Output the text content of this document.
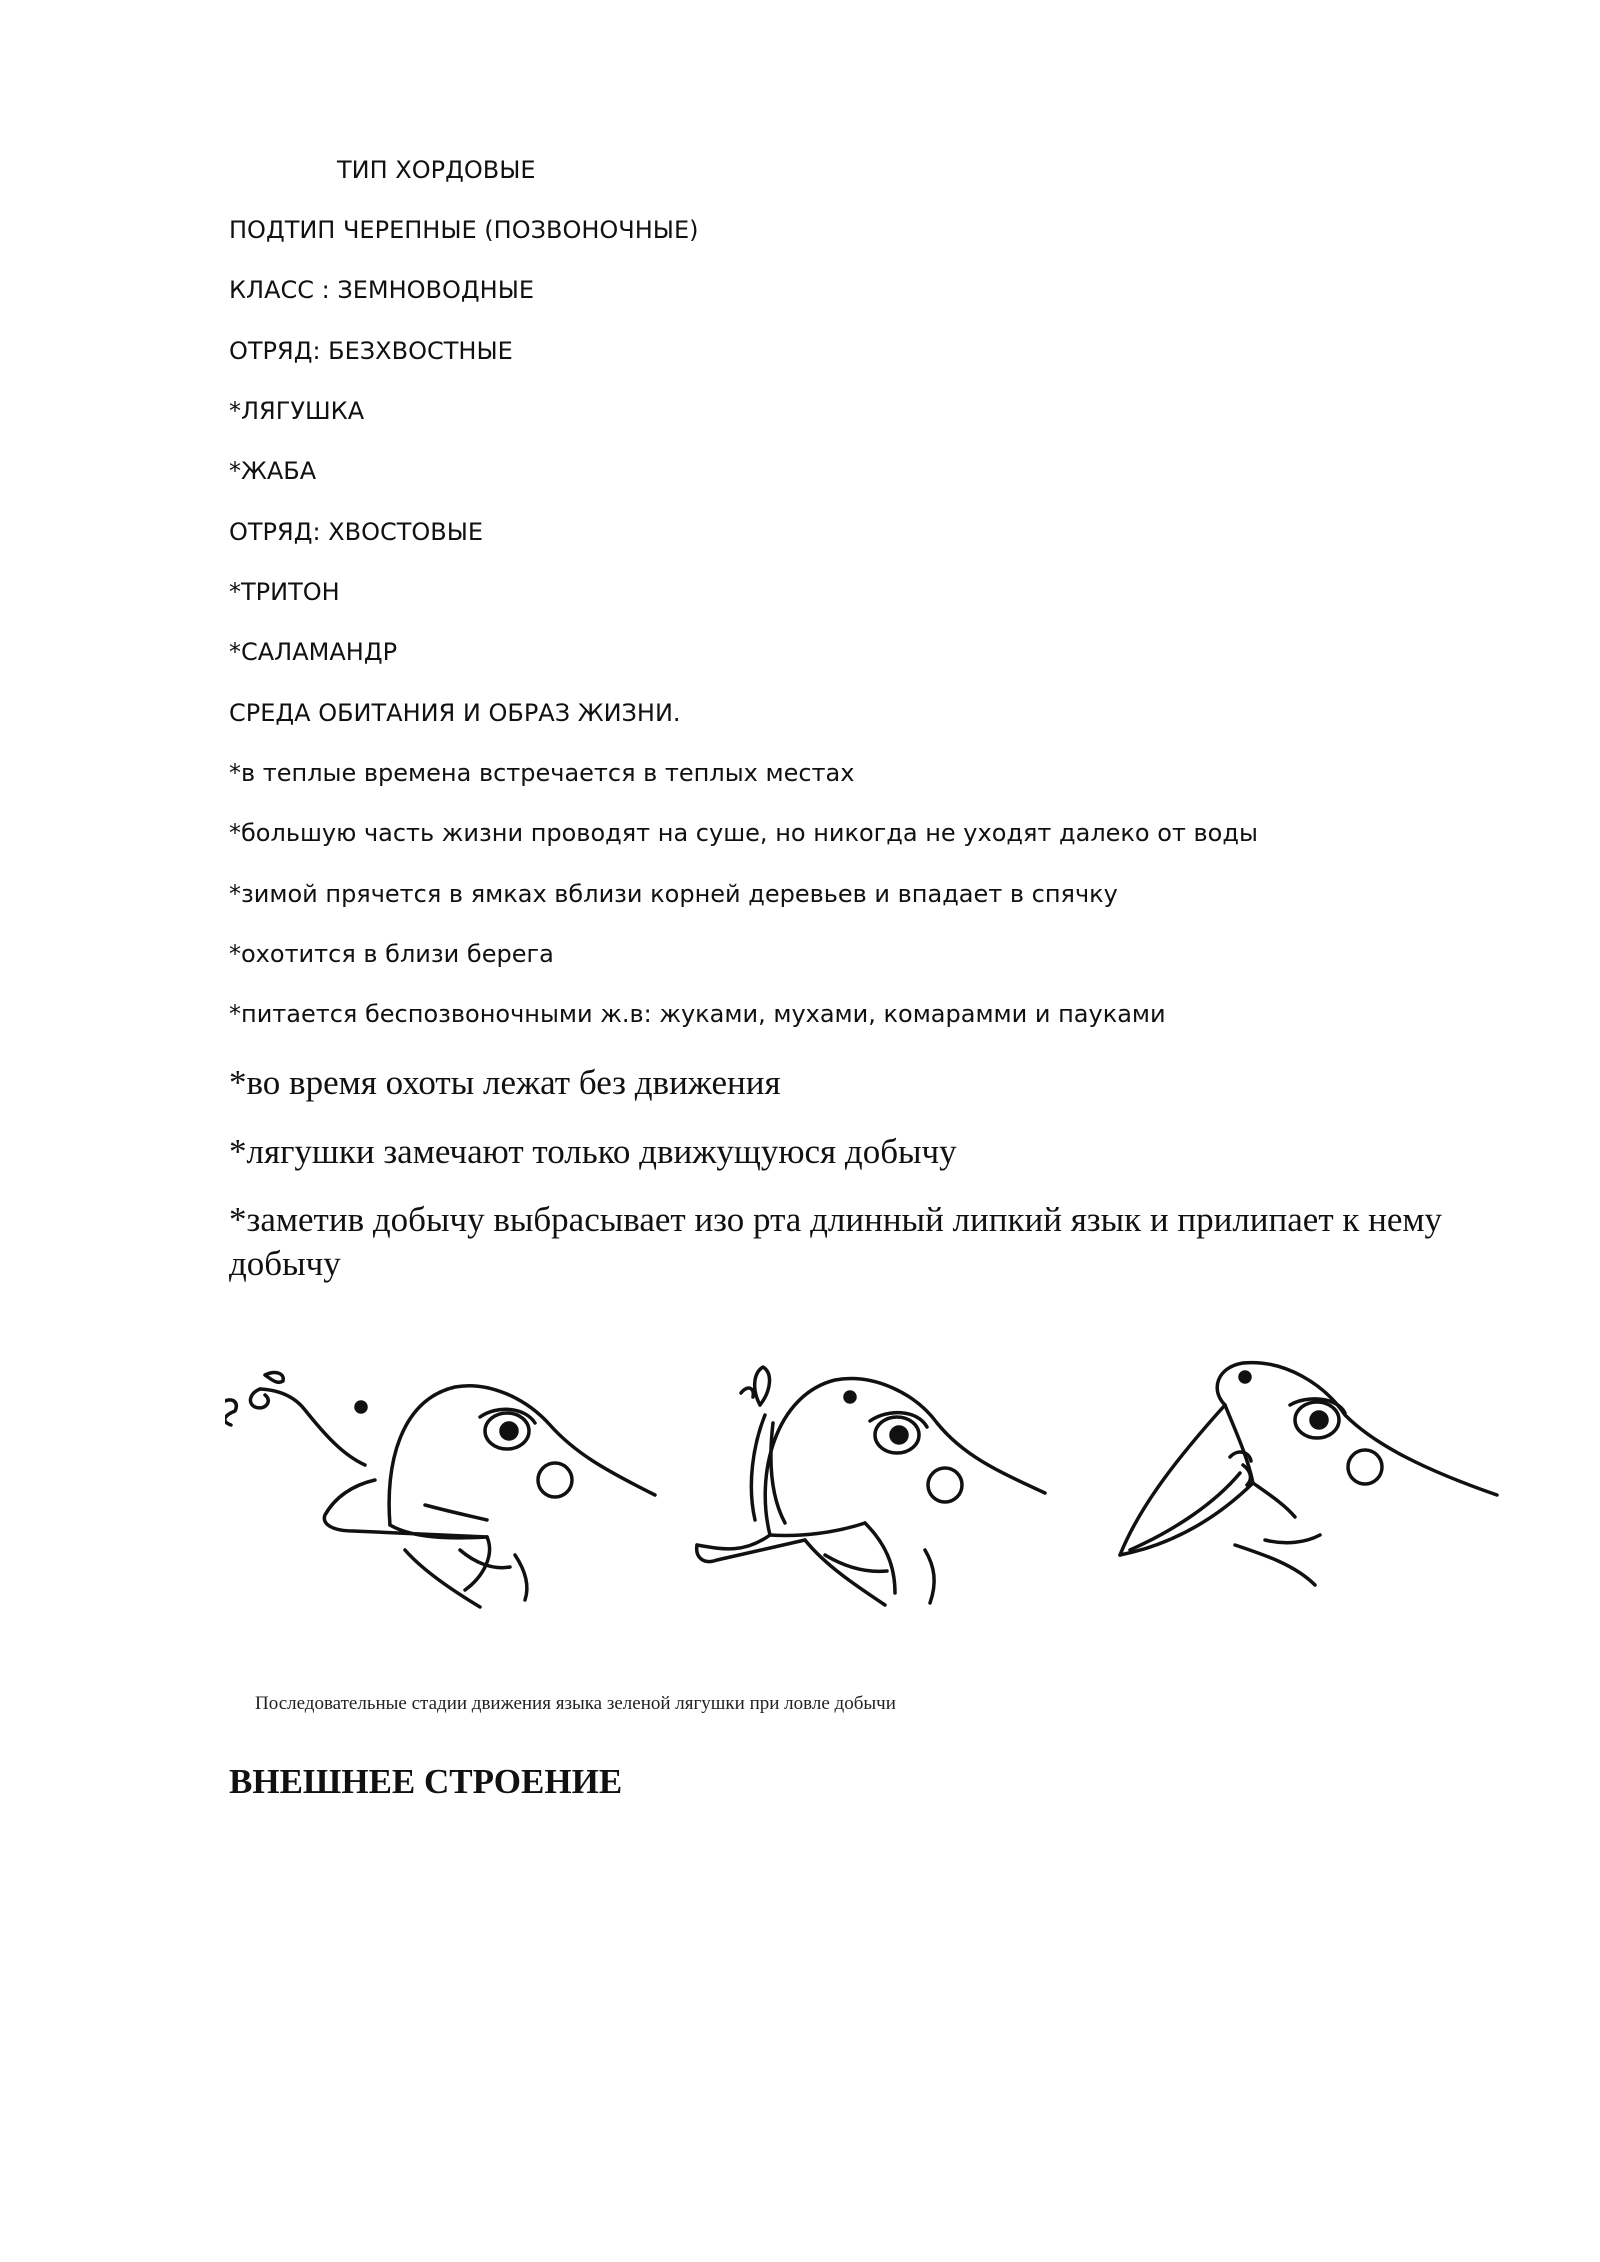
ТИП ХОРДОВЫЕ
ПОДТИП ЧЕРЕПНЫЕ (ПОЗВОНОЧНЫЕ)
КЛАСС : ЗЕМНОВОДНЫЕ
ОТРЯД: БЕЗХВОСТНЫЕ
*ЛЯГУШКА
*ЖАБА
ОТРЯД: ХВОСТОВЫЕ
*ТРИТОН
*САЛАМАНДР
СРЕДА ОБИТАНИЯ И ОБРАЗ ЖИЗНИ.
*в теплые времена встречается в теплых местах
*большую часть жизни проводят на суше, но никогда не уходят далеко от воды
*зимой прячется в ямках вблизи корней деревьев и впадает в спячку
*охотится в близи берега
*питается беспозвоночными ж.в: жуками, мухами, комарамми и пауками
*во время охоты лежат без движения
*лягушки замечают только движущуюся добычу
*заметив добычу выбрасывает изо рта длинный липкий язык и прилипает к нему добычу
Последовательные стадии движения языка зеленой лягушки при ловле добычи
ВНЕШНЕЕ СТРОЕНИЕ
